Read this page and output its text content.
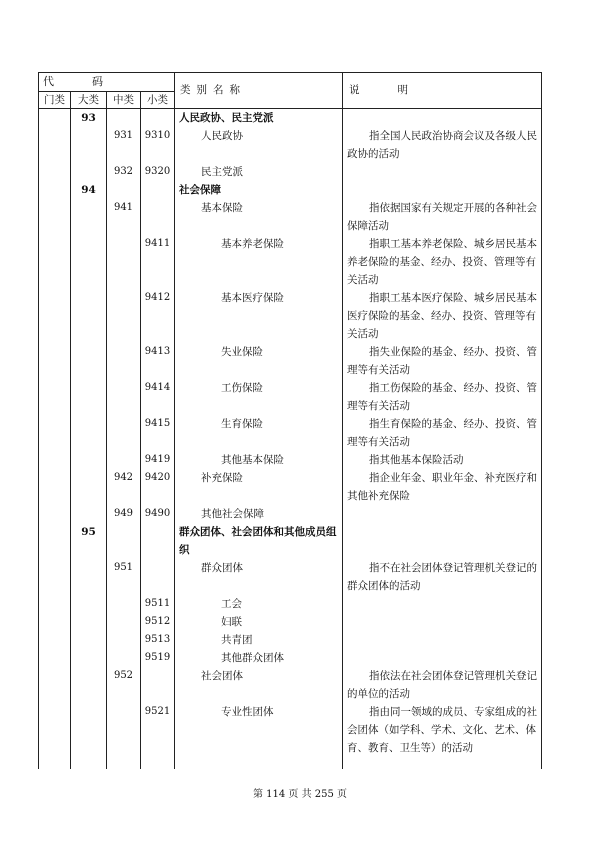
代 码				类别名称	说 明
门类	大类	中类	小类		
	93			人民政协、民主党派	
		931	9310	人民政协	指全国人民政治协商会议及各级人民政协的活动
		932	9320	民主党派	
	94			社会保障	
		941		基本保险	指依据国家有关规定开展的各种社会保障活动
			9411	基本养老保险	指职工基本养老保险、城乡居民基本养老保险的基金、经办、投资、管理等有关活动
			9412	基本医疗保险	指职工基本医疗保险、城乡居民基本医疗保险的基金、经办、投资、管理等有关活动
			9413	失业保险	指失业保险的基金、经办、投资、管理等有关活动
			9414	工伤保险	指工伤保险的基金、经办、投资、管理等有关活动
			9415	生育保险	指生育保险的基金、经办、投资、管理等有关活动
			9419	其他基本保险	指其他基本保险活动
		942	9420	补充保险	指企业年金、职业年金、补充医疗和其他补充保险
		949	9490	其他社会保障	
	95			群众团体、社会团体和其他成员组织	
		951		群众团体	指不在社会团体登记管理机关登记的群众团体的活动
			9511	工会	
			9512	妇联	
			9513	共青团	
			9519	其他群众团体	
		952		社会团体	指依法在社会团体登记管理机关登记的单位的活动
			9521	专业性团体	指由同一领域的成员、专家组成的社会团体（如学科、学术、文化、艺术、体育、教育、卫生等）的活动

第 114 页 共 255 页
